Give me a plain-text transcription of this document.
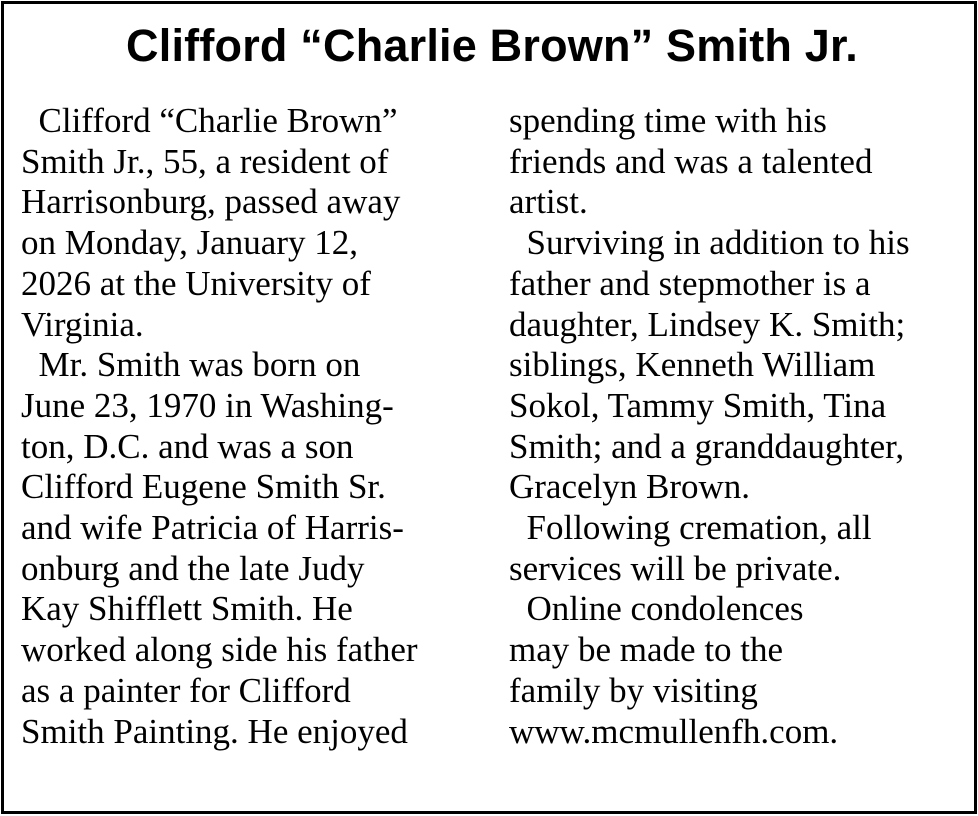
Clifford “Charlie Brown” Smith Jr.
Clifford “Charlie Brown”
Smith Jr., 55, a resident of
Harrisonburg, passed away
on Monday, January 12,
2026 at the University of
Virginia.
Mr. Smith was born on
June 23, 1970 in Washing-
ton, D.C. and was a son
Clifford Eugene Smith Sr.
and wife Patricia of Harris-
onburg and the late Judy
Kay Shifflett Smith. He
worked along side his father
as a painter for Clifford
Smith Painting. He enjoyed
spending time with his
friends and was a talented
artist.
Surviving in addition to his
father and stepmother is a
daughter, Lindsey K. Smith;
siblings, Kenneth William
Sokol, Tammy Smith, Tina
Smith; and a granddaughter,
Gracelyn Brown.
Following cremation, all
services will be private.
Online condolences
may be made to the
family by visiting
www.mcmullenfh.com.
